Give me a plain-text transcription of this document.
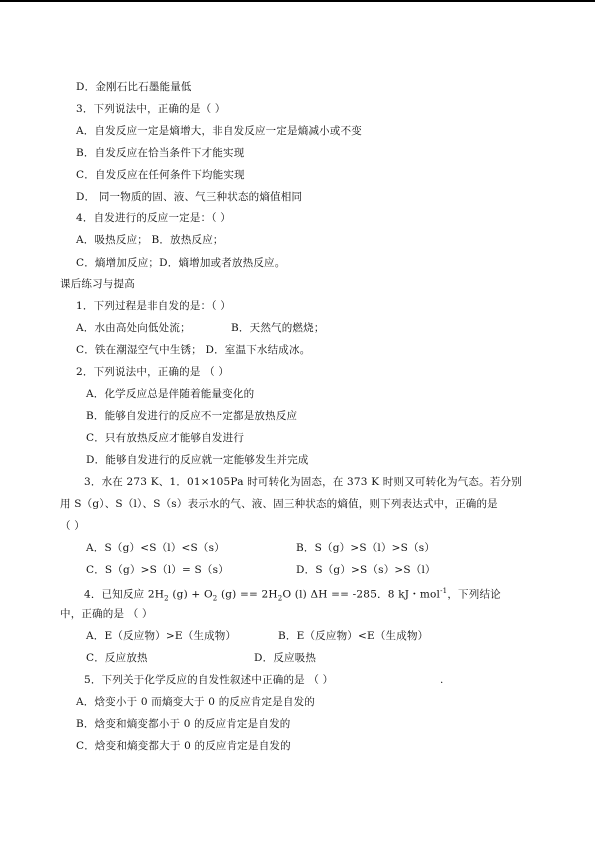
D．金刚石比石墨能量低
3．下列说法中，正确的是（ ）
A．自发反应一定是熵增大，非自发反应一定是熵减小或不变
B．自发反应在恰当条件下才能实现
C．自发反应在任何条件下均能实现
D． 同一物质的固、液、气三种状态的熵值相同
4．自发进行的反应一定是：（ ）
A．吸热反应； B．放热反应；
C．熵增加反应；D．熵增加或者放热反应。
课后练习与提高
1．下列过程是非自发的是：（ ）
A．水由高处向低处流；	B．天然气的燃烧；
C．铁在潮湿空气中生锈； D．室温下水结成冰。
2．下列说法中，正确的是 （ ）
A．化学反应总是伴随着能量变化的
B．能够自发进行的反应不一定都是放热反应
C．只有放热反应才能够自发进行
D．能够自发进行的反应就一定能够发生并完成
3．水在 273 K、1．01×105Pa 时可转化为固态，在 373 K 时则又可转化为气态。若分别
用 S（g）、S（l）、S（s）表示水的气、液、固三种状态的熵值，则下列表达式中，正确的是
（ ）
A．S（g）<S（l）<S（s）	B．S（g）>S（l）>S（s）
C．S（g）>S（l）= S（s）	D．S（g）>S（s）>S（l）
4．已知反应 $2H_2$ $(g) + O_2$ $(g) == 2H_2O$ (l) ΔH == -285．8 kJ・mol$^{-1}$，下列结论
中，正确的是 （ ）
A．E（反应物）>E（生成物）	B．E（反应物）<E（生成物）
C．反应放热	D．反应吸热
5．下列关于化学反应的自发性叙述中正确的是 （ ）	.
A．焓变小于 0 而熵变大于 0 的反应肯定是自发的
B．焓变和熵变都小于 0 的反应肯定是自发的
C．焓变和熵变都大于 0 的反应肯定是自发的
